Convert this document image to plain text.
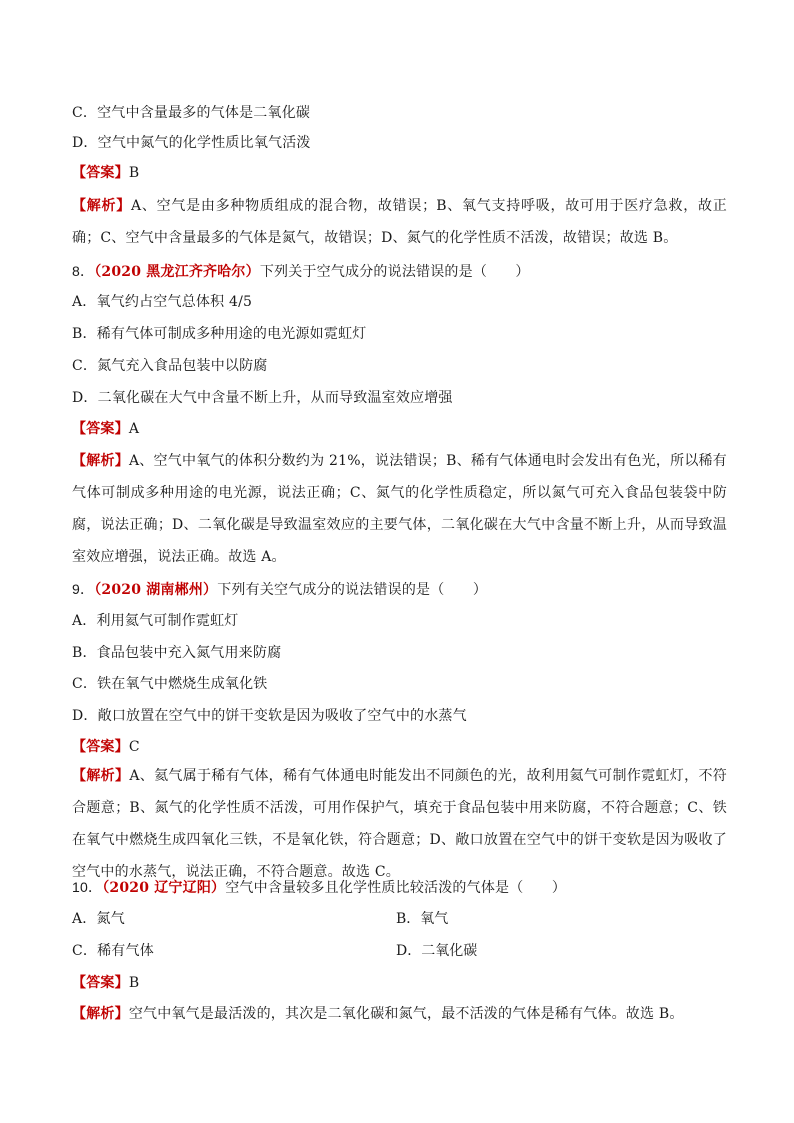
C．空气中含量最多的气体是二氧化碳
D．空气中氮气的化学性质比氧气活泼
【答案】B
【解析】A、空气是由多种物质组成的混合物，故错误；B、氧气支持呼吸，故可用于医疗急救，故正确；C、空气中含量最多的气体是氮气，故错误；D、氮气的化学性质不活泼，故错误；故选 B。
8．（2020 黑龙江齐齐哈尔）下列关于空气成分的说法错误的是（　　）
A．氧气约占空气总体积 4/5
B．稀有气体可制成多种用途的电光源如霓虹灯
C．氮气充入食品包装中以防腐
D．二氧化碳在大气中含量不断上升，从而导致温室效应增强
【答案】A
【解析】A、空气中氧气的体积分数约为 21%，说法错误；B、稀有气体通电时会发出有色光，所以稀有气体可制成多种用途的电光源，说法正确；C、氮气的化学性质稳定，所以氮气可充入食品包装袋中防腐，说法正确；D、二氧化碳是导致温室效应的主要气体，二氧化碳在大气中含量不断上升，从而导致温室效应增强，说法正确。故选 A。
9．（2020 湖南郴州）下列有关空气成分的说法错误的是（　　）
A．利用氦气可制作霓虹灯
B．食品包装中充入氮气用来防腐
C．铁在氧气中燃烧生成氧化铁
D．敞口放置在空气中的饼干变软是因为吸收了空气中的水蒸气
【答案】C
【解析】A、氦气属于稀有气体，稀有气体通电时能发出不同颜色的光，故利用氦气可制作霓虹灯，不符合题意；B、氮气的化学性质不活泼，可用作保护气，填充于食品包装中用来防腐，不符合题意；C、铁在氧气中燃烧生成四氧化三铁，不是氧化铁，符合题意；D、敞口放置在空气中的饼干变软是因为吸收了空气中的水蒸气，说法正确，不符合题意。故选 C。
10．（2020 辽宁辽阳）空气中含量较多且化学性质比较活泼的气体是（　　）
A．氮气	B．氧气
C．稀有气体	D．二氧化碳
【答案】B
【解析】空气中氧气是最活泼的，其次是二氧化碳和氮气，最不活泼的气体是稀有气体。故选 B。
